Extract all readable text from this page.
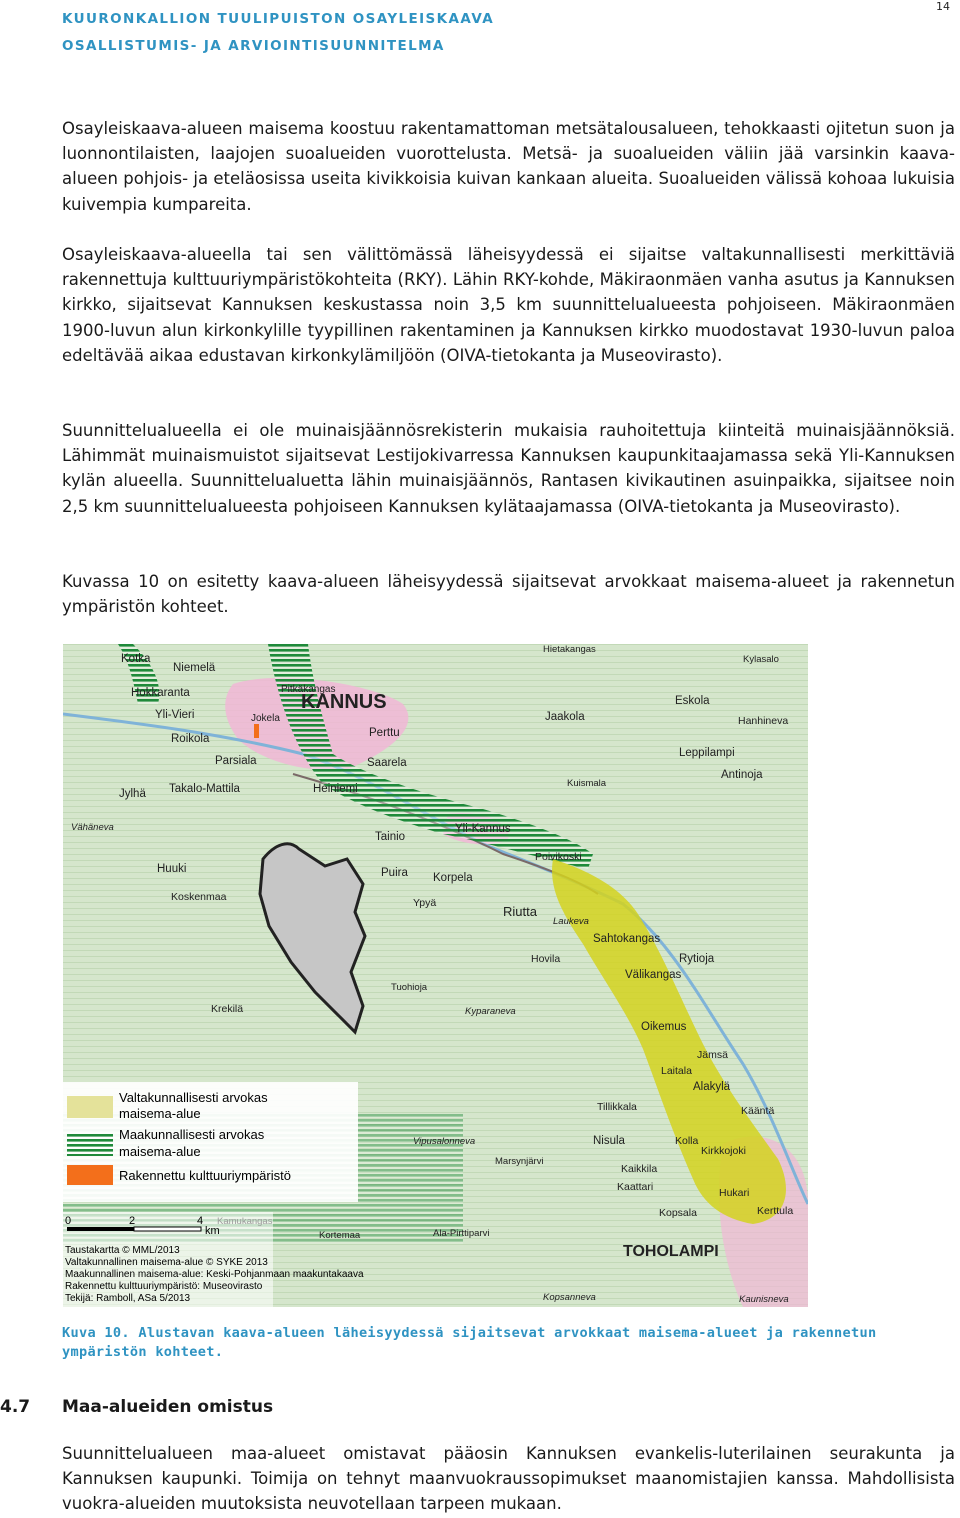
KUURONKALLION TUULIPUISTON OSAYLEISKAAVA
OSALLISTUMIS- JA ARVIOINTISUUNNITELMA
14

Osayleiskaava-alueen maisema koostuu rakentamattoman metsätalousalueen, tehokkaasti ojitetun suon ja luonnontilaisten, laajojen suoalueiden vuorottelusta. Metsä- ja suoalueiden väliin jää varsinkin kaava-alueen pohjois- ja eteläosissa useita kivikkoisia kuivan kankaan alueita. Suoalueiden välissä kohoaa lukuisia kuivempia kumpareita.

Osayleiskaava-alueella tai sen välittömässä läheisyydessä ei sijaitse valtakunnallisesti merkittäviä rakennettuja kulttuuriympäristökohteita (RKY). Lähin RKY-kohde, Mäkiraonmäen vanha asutus ja Kannuksen kirkko, sijaitsevat Kannuksen keskustassa noin 3,5 km suunnittelualueesta pohjoiseen. Mäkiraonmäen 1900-luvun alun kirkonkylille tyypillinen rakentaminen ja Kannuksen kirkko muodostavat 1930-luvun paloa edeltävää aikaa edustavan kirkonkylämiljöön (OIVA-tietokanta ja Museovirasto).

Suunnittelualueella ei ole muinaisjäännösrekisterin mukaisia rauhoitettuja kiinteitä muinaisjäännöksiä. Lähimmät muinaismuistot sijaitsevat Lestijokivarressa Kannuksen kaupunkitaajamassa sekä Yli-Kannuksen kylän alueella. Suunnittelualuetta lähin muinaisjäännös, Rantasen kivikautinen asuinpaikka, sijaitsee noin 2,5 km suunnittelualueesta pohjoiseen Kannuksen kylätaajamassa (OIVA-tietokanta ja Museovirasto).

Kuvassa 10 on esitetty kaava-alueen läheisyydessä sijaitsevat arvokkaat maisema-alueet ja rakennetun ympäristön kohteet.

Kotka
Pitkäkangas
Hietakangas
Kylasalo
Niemelä
KANNUS
Hokkaranta
Jokela	Jaakola
Eskola
Hanhineva
Yli-Vieri
Perttu
Roikola
Saarela
Parsiala
Leppilampi
Jylhä Takalo-Mattila	Heiniemi	Kuismala
Antinoja
Vähäneva	Yli-Kannus
Tainio
Poivikoski
Puira Korpela
Huuki
Ypyä
Riutta
Koskenmaa
Sahtokangas
Hovila
Laukeva
Rytioja
Välikangas
Krekilä
Tuohioja
Kyparaneva
Oikemus
Jämsä
Laitala
Alakylä
Tillikkala	Kääntä
Nisula	Kolla
Kirkkojoki
Vipusalonneva
Marsynjärvi
Kaikkila
Kaattari	Hukari
Kopsala	Kerttula
Kortemaa	Ala-Pirttiparvi
TOHOLAMPI
Kopsanneva	Kaunisneva
Valtakunnallisesti arvokas
maisema-alue
Maakunnallisesti arvokas
maisema-alue
Rakennettu kulttuuriympäristö
0	2	4
km
Taustakartta © MML/2013
Valtakunnallinen maisema-alue © SYKE 2013
Maakunnallinen maisema-alue: Keski-Pohjanmaan maakuntakaava
Rakennettu kulttuuriympäristö: Museovirasto
Tekijä: Ramboll, ASa 5/2013

Kuva 10. Alustavan kaava-alueen läheisyydessä sijaitsevat arvokkaat maisema-alueet ja rakennetun ympäristön kohteet.

4.7 Maa-alueiden omistus

Suunnittelualueen maa-alueet omistavat pääosin Kannuksen evankelis-luterilainen seurakunta ja Kannuksen kaupunki. Toimija on tehnyt maanvuokraussopimukset maanomistajien kanssa. Mahdollisista vuokra-alueiden muutoksista neuvotellaan tarpeen mukaan.
